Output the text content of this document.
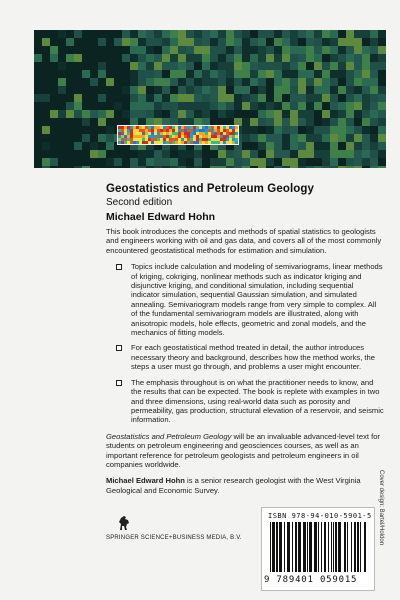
Geostatistics and Petroleum Geology
Second edition
Michael Edward Hohn

This book introduces the concepts and methods of spatial statistics to geologists and engineers working with oil and gas data, and covers all of the most commonly encountered geostatistical methods for estimation and simulation.

Topics include calculation and modeling of semivariograms, linear methods of kriging, cokriging, nonlinear methods such as indicator kriging and disjunctive kriging, and conditional simulation, including sequential indicator simulation, sequential Gaussian simulation, and simulated annealing. Semivariogram models range from very simple to complex. All of the fundamental semivariogram models are illustrated, along with anisotropic models, hole effects, geometric and zonal models, and the mechanics of fitting models.
For each geostatistical method treated in detail, the author introduces necessary theory and background, describes how the method works, the steps a user must go through, and problems a user might encounter.
The emphasis throughout is on what the practitioner needs to know, and the results that can be expected. The book is replete with examples in two and three dimensions, using real-world data such as porosity and permeability, gas production, structural elevation of a reservoir, and seismic information.

Geostatistics and Petroleum Geology will be an invaluable advanced-level text for students on petroleum engineering and geosciences courses, as well as an important reference for petroleum geologists and petroleum engineers in oil companies worldwide.

Michael Edward Hohn is a senior research geologist with the West Virginia Geological and Economic Survey.	Cover design: Bartel/Holdon
SPRINGER SCIENCE+BUSINESS MEDIA, B.V.
ISBN 978-94-010-5901-5
9 789401 059015
